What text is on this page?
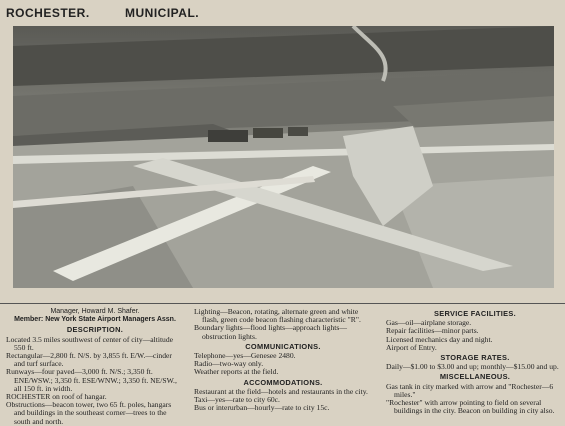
ROCHESTER.	MUNICIPAL.
Manager, Howard M. Shafer.
Member: New York State Airport Managers Assn.
DESCRIPTION.

Located 3.5 miles southwest of center of city—altitude 550 ft.

Rectangular—2,800 ft. N/S. by 3,855 ft. E/W.—cinder and turf surface.

Runways—four paved—3,000 ft. N/S.; 3,350 ft. ENE/WSW.; 3,350 ft. ESE/WNW.; 3,350 ft. NE/SW., all 150 ft. in width.

ROCHESTER on roof of hangar.

Obstructions—beacon tower, two 65 ft. poles, hangars and buildings in the southeast corner—trees to the south and north.

Lighting—Beacon, rotating, alternate green and white flash, green code beacon flashing characteristic "R".

Boundary lights—flood lights—approach lights—obstruction lights.

COMMUNICATIONS.

Telephone—yes—Genesee 2480.

Radio—two-way only.

Weather reports at the field.

ACCOMMODATIONS.

Restaurant at the field—hotels and restaurants in the city.

Taxi—yes—rate to city 60c.

Bus or interurban—hourly—rate to city 15c.

SERVICE FACILITIES.

Gas—oil—airplane storage.

Repair facilities—minor parts.

Licensed mechanics day and night.

Airport of Entry.

STORAGE RATES.

Daily—$1.00 to $3.00 and up; monthly—$15.00 and up.

MISCELLANEOUS.

Gas tank in city marked with arrow and "Rochester—6 miles."

"Rochester" with arrow pointing to field on several buildings in the city. Beacon on building in city also.
